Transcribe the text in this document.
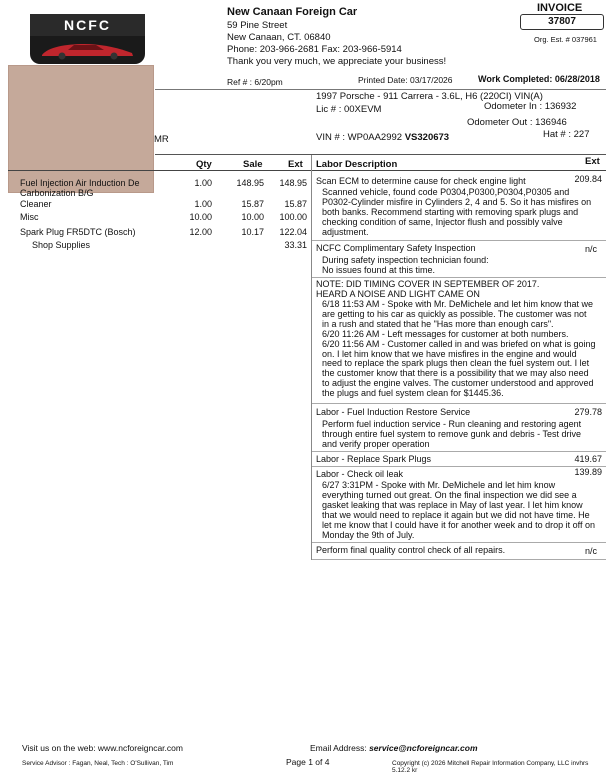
NCFC
New Canaan Foreign Car
59 Pine Street
New Canaan, CT. 06840
Phone: 203-966-2681 Fax: 203-966-5914
Thank you very much, we appreciate your business!
INVOICE
37807
Org. Est. # 037961
Ref # : 6/20pm	Printed Date: 03/17/2026	Work Completed: 06/28/2018
1997 Porsche - 911 Carrera - 3.6L, H6 (220CI) VIN(A)
Lic # : 00XEVM	Odometer In : 136932
Odometer Out : 136946
MR	VIN # : WP0AA2992 VS320673	Hat # : 227
Qty	Sale	Ext Labor Description	Ext
Fuel Injection Air Induction De
Carbonization B/G
1.00	148.95	148.95
Cleaner	1.00	15.87	15.87
Misc	10.00	10.00	100.00
Spark Plug FR5DTC (Bosch)	12.00	10.17	122.04
Shop Supplies	33.31
Scan ECM to determine cause for check engine light	209.84
Scanned vehicle, found code P0304,P0300,P0304,P0305 and
P0302-Cylinder misfire in Cylinders 2, 4 and 5. So it has misfires on
both banks. Recommend starting with removing spark plugs and
checking condition of same, Injector flush and possibly valve
adjustment.
NCFC Complimentary Safety Inspection	n/c
During safety inspection technician found:
No issues found at this time.
NOTE: DID TIMING COVER IN SEPTEMBER OF 2017.
HEARD A NOISE AND LIGHT CAME ON
6/18 11:53 AM - Spoke with Mr. DeMichele and let him know that we
are getting to his car as quickly as possible. The customer was not
in a rush and stated that he "Has more than enough cars".
6/20 11:26 AM - Left messages for customer at both numbers.
6/20 11:56 AM - Customer called in and was briefed on what is going
on. I let him know that we have misfires in the engine and would
need to replace the spark plugs then clean the fuel system out. I let
the customer know that there is a possibility that we may also need
to adjust the engine valves. The customer understood and approved
the plugs and fuel system clean for $1445.36.
Labor - Fuel Induction Restore Service	279.78
Perform fuel induction service - Run cleaning and restoring agent
through entire fuel system to remove gunk and debris - Test drive
and verify proper operation
Labor - Replace Spark Plugs	419.67
Labor - Check oil leak	139.89
6/27 3:31PM - Spoke with Mr. DeMichele and let him know
everything turned out great. On the final inspection we did see a
gasket leaking that was replace in May of last year. I let him know
that we would need to replace it again but we did not have time. He
let me know that I could have it for another week and to drop it off on
Monday the 9th of July.
Perform final quality control check of all repairs.	n/c
Visit us on the web: www.ncforeigncar.com	Email Address: service@ncforeigncar.com
Service Advisor : Fagan, Neal, Tech : O'Sullivan, Tim	Page 1 of 4	Copyright (c) 2026 Mitchell Repair Information Company, LLC invhrs 5.12.2 kr
